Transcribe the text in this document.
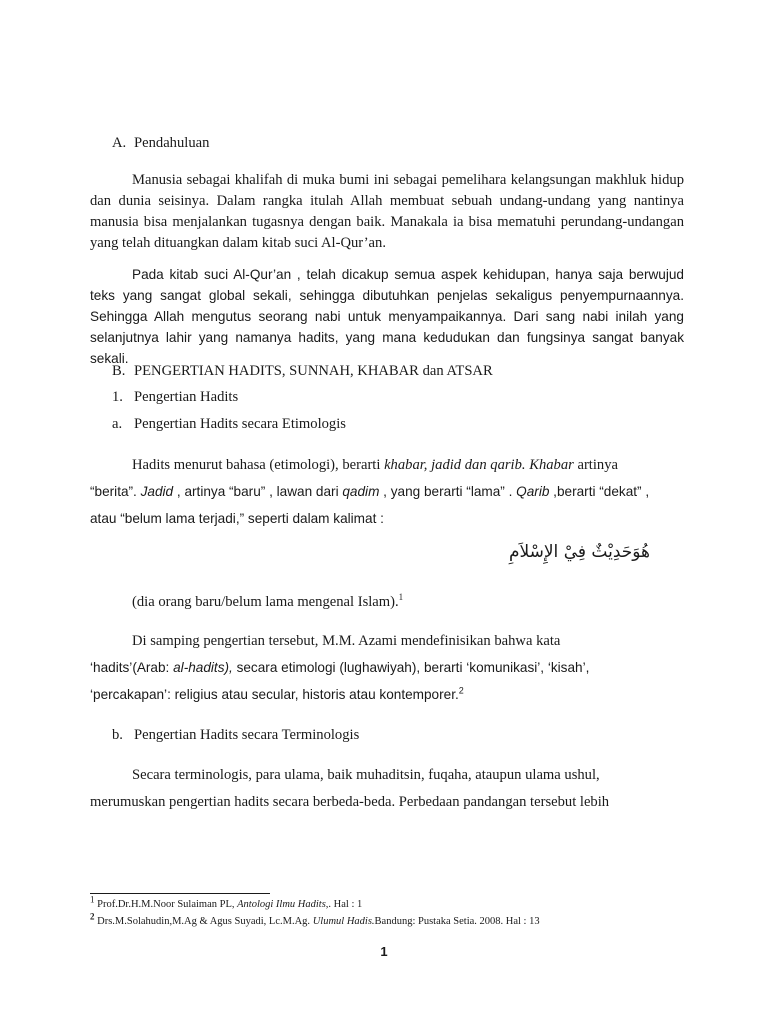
A. Pendahuluan
Manusia sebagai khalifah di muka bumi ini sebagai pemelihara kelangsungan makhluk hidup dan dunia seisinya. Dalam rangka itulah Allah membuat sebuah undang-undang yang nantinya manusia bisa menjalankan tugasnya dengan baik. Manakala ia bisa mematuhi perundang-undangan yang telah dituangkan dalam kitab suci Al-Qur’an.
Pada kitab suci Al-Qur’an , telah dicakup semua aspek kehidupan, hanya saja berwujud teks yang sangat global sekali, sehingga dibutuhkan penjelas sekaligus penyempurnaannya. Sehingga Allah mengutus seorang nabi untuk menyampaikannya. Dari sang nabi inilah yang selanjutnya lahir yang namanya hadits, yang mana kedudukan dan fungsinya sangat banyak sekali.
B. PENGERTIAN HADITS, SUNNAH, KHABAR dan ATSAR
1. Pengertian Hadits
a. Pengertian Hadits secara Etimologis
Hadits menurut bahasa (etimologi), berarti khabar, jadid dan qarib. Khabar artinya
“berita”. Jadid , artinya “baru” , lawan dari qadim , yang berarti “lama” . Qarib ,berarti “dekat” ,
atau “belum lama terjadi,” seperti dalam kalimat :
هُوَحَدِيْثٌ فِيْ الإِسْلاَمِ
(dia orang baru/belum lama mengenal Islam).$^1$
Di samping pengertian tersebut, M.M. Azami mendefinisikan bahwa kata
‘hadits’(Arab: al-hadits), secara etimologi (lughawiyah), berarti ‘komunikasi’, ‘kisah’,
‘percakapan’: religius atau secular, historis atau kontemporer.$^2$
b. Pengertian Hadits secara Terminologis
Secara terminologis, para ulama, baik muhaditsin, fuqaha, ataupun ulama ushul,
merumuskan pengertian hadits secara berbeda-beda. Perbedaan pandangan tersebut lebih
$^1$ Prof.Dr.H.M.Noor Sulaiman PL, Antologi Ilmu Hadits,. Hal : 1
$^2$ Drs.M.Solahudin,M.Ag & Agus Suyadi, Lc.M.Ag. Ulumul Hadis.Bandung: Pustaka Setia. 2008. Hal : 13
1
